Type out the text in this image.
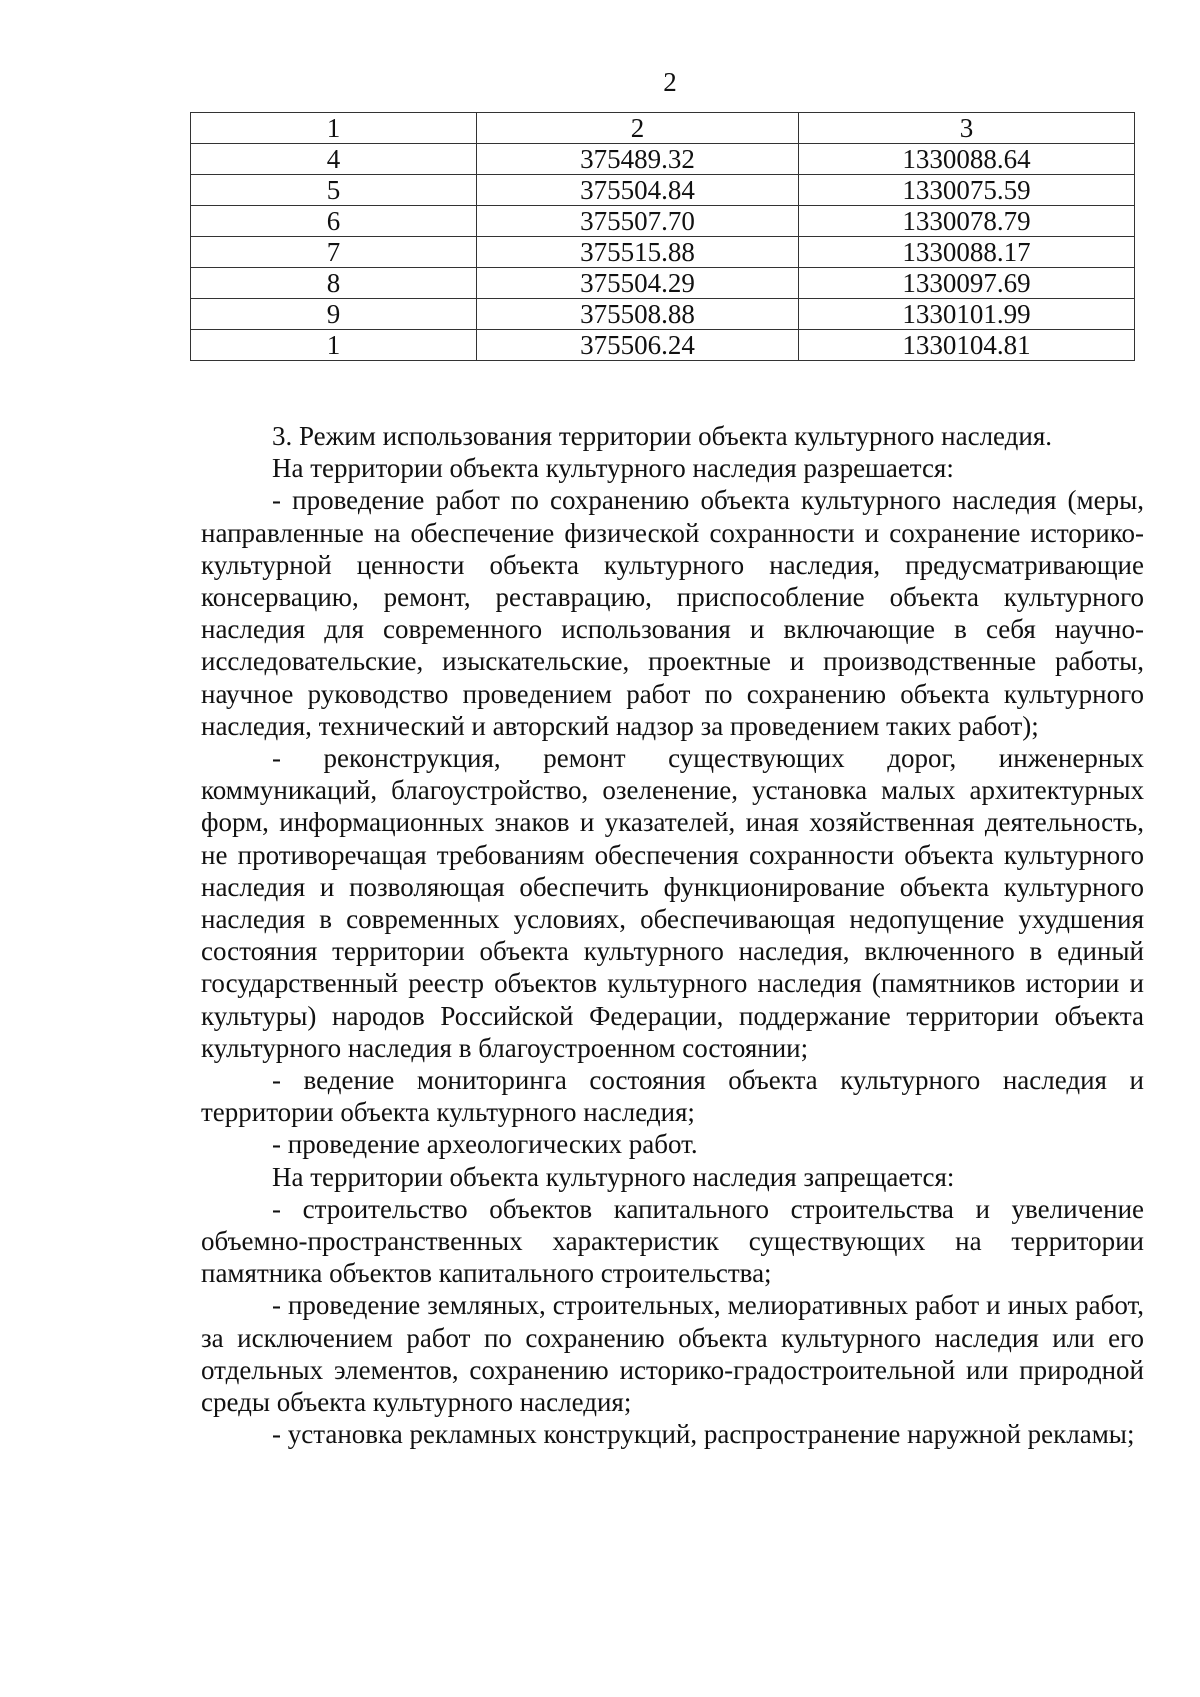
2
1	2	3
4	375489.32	1330088.64
5	375504.84	1330075.59
6	375507.70	1330078.79
7	375515.88	1330088.17
8	375504.29	1330097.69
9	375508.88	1330101.99
1	375506.24	1330104.81

3. Режим использования территории объекта культурного наследия.

На территории объекта культурного наследия разрешается:

- проведение работ по сохранению объекта культурного наследия (меры, направленные на обеспечение физической сохранности и сохранение историко-культурной ценности объекта культурного наследия, предусматривающие консервацию, ремонт, реставрацию, приспособление объекта культурного наследия для современного использования и включающие в себя научно-исследовательские, изыскательские, проектные и производственные работы, научное руководство проведением работ по сохранению объекта культурного наследия, технический и авторский надзор за проведением таких работ);

- реконструкция, ремонт существующих дорог, инженерных коммуникаций, благоустройство, озеленение, установка малых архитектурных форм, информационных знаков и указателей, иная хозяйственная деятельность, не противоречащая требованиям обеспечения сохранности объекта культурного наследия и позволяющая обеспечить функционирование объекта культурного наследия в современных условиях, обеспечивающая недопущение ухудшения состояния территории объекта культурного наследия, включенного в единый государственный реестр объектов культурного наследия (памятников истории и культуры) народов Российской Федерации, поддержание территории объекта культурного наследия в благоустроенном состоянии;

- ведение мониторинга состояния объекта культурного наследия и территории объекта культурного наследия;

- проведение археологических работ.

На территории объекта культурного наследия запрещается:

- строительство объектов капитального строительства и увеличение объемно-пространственных характеристик существующих на территории памятника объектов капитального строительства;

- проведение земляных, строительных, мелиоративных работ и иных работ, за исключением работ по сохранению объекта культурного наследия или его отдельных элементов, сохранению историко-градостроительной или природной среды объекта культурного наследия;

- установка рекламных конструкций, распространение наружной рекламы;
